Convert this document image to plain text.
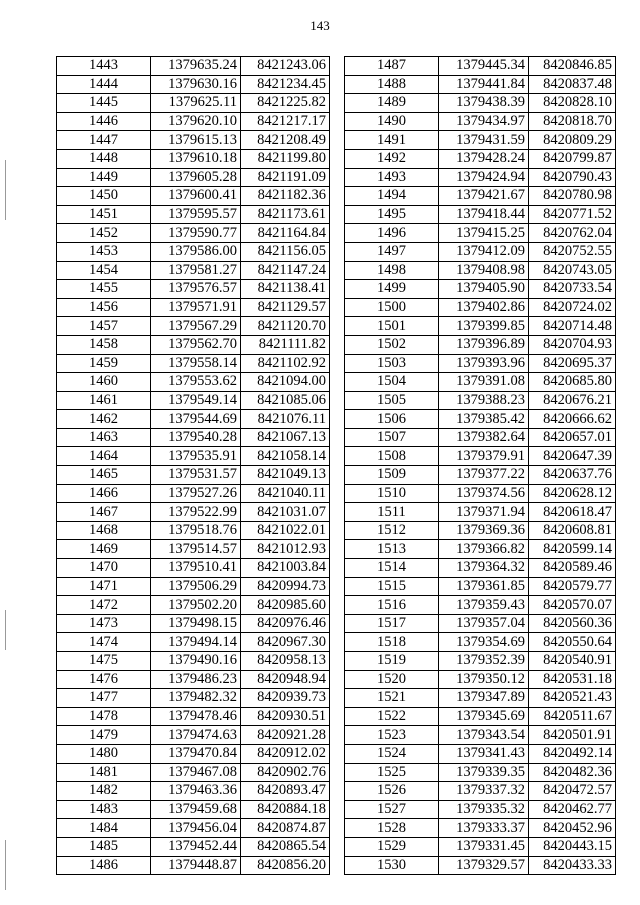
143
1443	1379635.24	8421243.06
1444	1379630.16	8421234.45
1445	1379625.11	8421225.82
1446	1379620.10	8421217.17
1447	1379615.13	8421208.49
1448	1379610.18	8421199.80
1449	1379605.28	8421191.09
1450	1379600.41	8421182.36
1451	1379595.57	8421173.61
1452	1379590.77	8421164.84
1453	1379586.00	8421156.05
1454	1379581.27	8421147.24
1455	1379576.57	8421138.41
1456	1379571.91	8421129.57
1457	1379567.29	8421120.70
1458	1379562.70	8421111.82
1459	1379558.14	8421102.92
1460	1379553.62	8421094.00
1461	1379549.14	8421085.06
1462	1379544.69	8421076.11
1463	1379540.28	8421067.13
1464	1379535.91	8421058.14
1465	1379531.57	8421049.13
1466	1379527.26	8421040.11
1467	1379522.99	8421031.07
1468	1379518.76	8421022.01
1469	1379514.57	8421012.93
1470	1379510.41	8421003.84
1471	1379506.29	8420994.73
1472	1379502.20	8420985.60
1473	1379498.15	8420976.46
1474	1379494.14	8420967.30
1475	1379490.16	8420958.13
1476	1379486.23	8420948.94
1477	1379482.32	8420939.73
1478	1379478.46	8420930.51
1479	1379474.63	8420921.28
1480	1379470.84	8420912.02
1481	1379467.08	8420902.76
1482	1379463.36	8420893.47
1483	1379459.68	8420884.18
1484	1379456.04	8420874.87
1485	1379452.44	8420865.54
1486	1379448.87	8420856.20
1487	1379445.34	8420846.85
1488	1379441.84	8420837.48
1489	1379438.39	8420828.10
1490	1379434.97	8420818.70
1491	1379431.59	8420809.29
1492	1379428.24	8420799.87
1493	1379424.94	8420790.43
1494	1379421.67	8420780.98
1495	1379418.44	8420771.52
1496	1379415.25	8420762.04
1497	1379412.09	8420752.55
1498	1379408.98	8420743.05
1499	1379405.90	8420733.54
1500	1379402.86	8420724.02
1501	1379399.85	8420714.48
1502	1379396.89	8420704.93
1503	1379393.96	8420695.37
1504	1379391.08	8420685.80
1505	1379388.23	8420676.21
1506	1379385.42	8420666.62
1507	1379382.64	8420657.01
1508	1379379.91	8420647.39
1509	1379377.22	8420637.76
1510	1379374.56	8420628.12
1511	1379371.94	8420618.47
1512	1379369.36	8420608.81
1513	1379366.82	8420599.14
1514	1379364.32	8420589.46
1515	1379361.85	8420579.77
1516	1379359.43	8420570.07
1517	1379357.04	8420560.36
1518	1379354.69	8420550.64
1519	1379352.39	8420540.91
1520	1379350.12	8420531.18
1521	1379347.89	8420521.43
1522	1379345.69	8420511.67
1523	1379343.54	8420501.91
1524	1379341.43	8420492.14
1525	1379339.35	8420482.36
1526	1379337.32	8420472.57
1527	1379335.32	8420462.77
1528	1379333.37	8420452.96
1529	1379331.45	8420443.15
1530	1379329.57	8420433.33
